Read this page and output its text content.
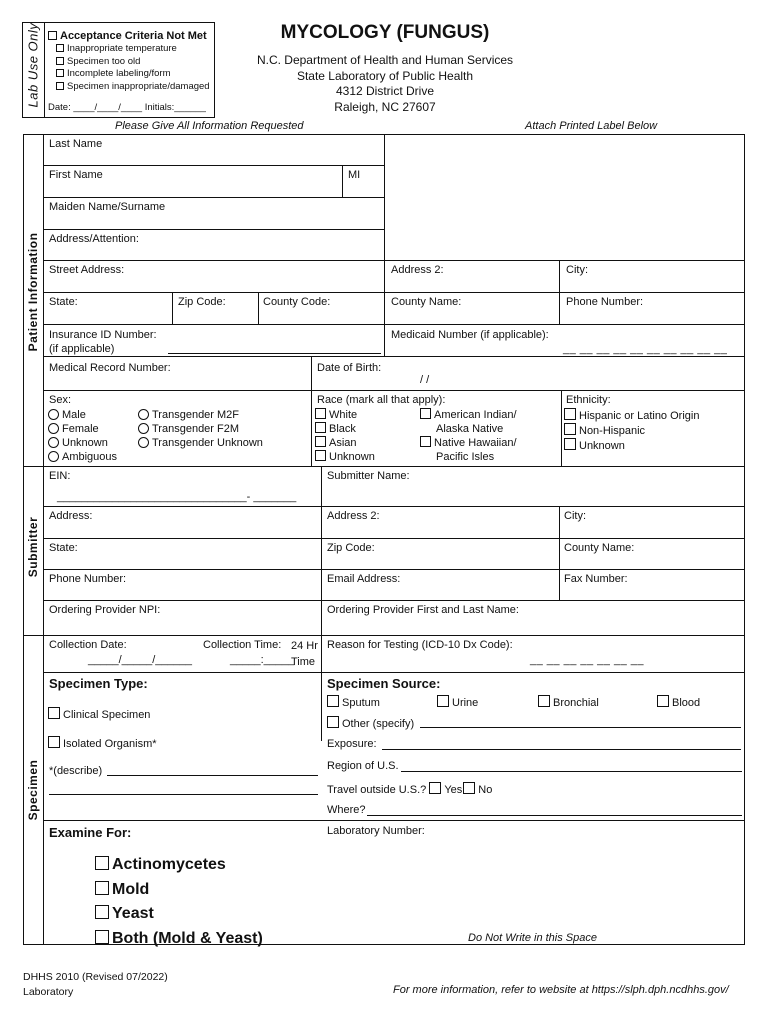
Lab Use Only	Acceptance Criteria Not Met
Inappropriate temperature
Specimen too old
Incomplete labeling/form
Specimen inappropriate/damaged
Date: ____/____/____ Initials:______
MYCOLOGY (FUNGUS)
N.C. Department of Health and Human Services
State Laboratory of Public Health
4312 District Drive
Raleigh, NC 27607
Please Give All Information Requested	Attach Printed Label Below
Patient Information
Submitter
Specimen
Last Name
First Name	MI
Maiden Name/Surname
Address/Attention:
Street Address:	Address 2:	City:
State:	Zip Code:	County Code:	County Name:	Phone Number:
Insurance ID Number:
(if applicable)
Medicaid Number (if applicable):
__ __ __ __ __ __ __ __ __ __
Medical Record Number:	Date of Birth:
/ /
Sex:
Male
Female
Unknown
Ambiguous
Transgender M2F
Transgender F2M
Transgender Unknown
Race (mark all that apply):
White
Black
Asian
Unknown
American Indian/
Alaska Native
Native Hawaiian/
Pacific Isles
Ethnicity:
Hispanic or Latino Origin
Non-Hispanic
Unknown
EIN:
_______________________________- _______
Submitter Name:
Address:	Address 2:	City:
State:	Zip Code:	County Name:
Phone Number:	Email Address:	Fax Number:
Ordering Provider NPI:	Ordering Provider First and Last Name:
Collection Date:
_____/_____/______
Collection Time: 24 Hr
_____:_____
Time
Reason for Testing (ICD-10 Dx Code):
__ __ __ __ __ __ __
Specimen Type:
Clinical Specimen
Isolated Organism*
*(describe)
Specimen Source:
Sputum	Urine	Bronchial	Blood
Other (specify)
Exposure:
Region of U.S.
Travel outside U.S.? Yes No
Where?
Examine For:
Actinomycetes
Mold
Yeast
Both (Mold & Yeast)
Laboratory Number:
Do Not Write in this Space
DHHS 2010 (Revised 07/2022)
Laboratory	For more information, refer to website at https://slph.dph.ncdhhs.gov/
